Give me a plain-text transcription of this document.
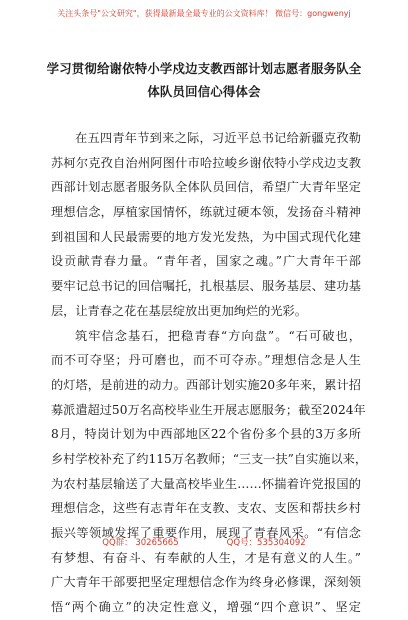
关注头条号"公文研究"，获得最新最全最专业的公文资料库！ 微信号：gongwenyj
学习贯彻给谢依特小学戍边支教西部计划志愿者服务队全
体队员回信心得体会
在五四青年节到来之际，习近平总书记给新疆克孜勒
苏柯尔克孜自治州阿图什市哈拉峻乡谢依特小学戍边支教
西部计划志愿者服务队全体队员回信，希望广大青年坚定
理想信念，厚植家国情怀，练就过硬本领，发扬奋斗精神
到祖国和人民最需要的地方发光发热，为中国式现代化建
设贡献青春力量。“青年者，国家之魂。”广大青年干部
要牢记总书记的回信嘱托，扎根基层、服务基层、建功基
层，让青春之花在基层绽放出更加绚烂的光彩。
筑牢信念基石，把稳青春“方向盘”。“石可破也，
而不可夺坚；丹可磨也，而不可夺赤。”理想信念是人生
的灯塔，是前进的动力。西部计划实施20多年来，累计招
募派遣超过50万名高校毕业生开展志愿服务；截至2024年
8月，特岗计划为中西部地区22个省份多个县的3万多所
乡村学校补充了约115万名教师；“三支一扶”自实施以来，
为农村基层输送了大量高校毕业生……怀揣着许党报国的
理想信念，这些有志青年在支教、支农、支医和帮扶乡村
振兴等领域发挥了重要作用，展现了青春风采。“有信念
有梦想、有奋斗、有奉献的人生，才是有意义的人生。”
广大青年干部要把坚定理想信念作为终身必修课，深刻领
悟“两个确立”的决定性意义，增强“四个意识”、坚定
QQ群： 30265665	QQ号：535304092
